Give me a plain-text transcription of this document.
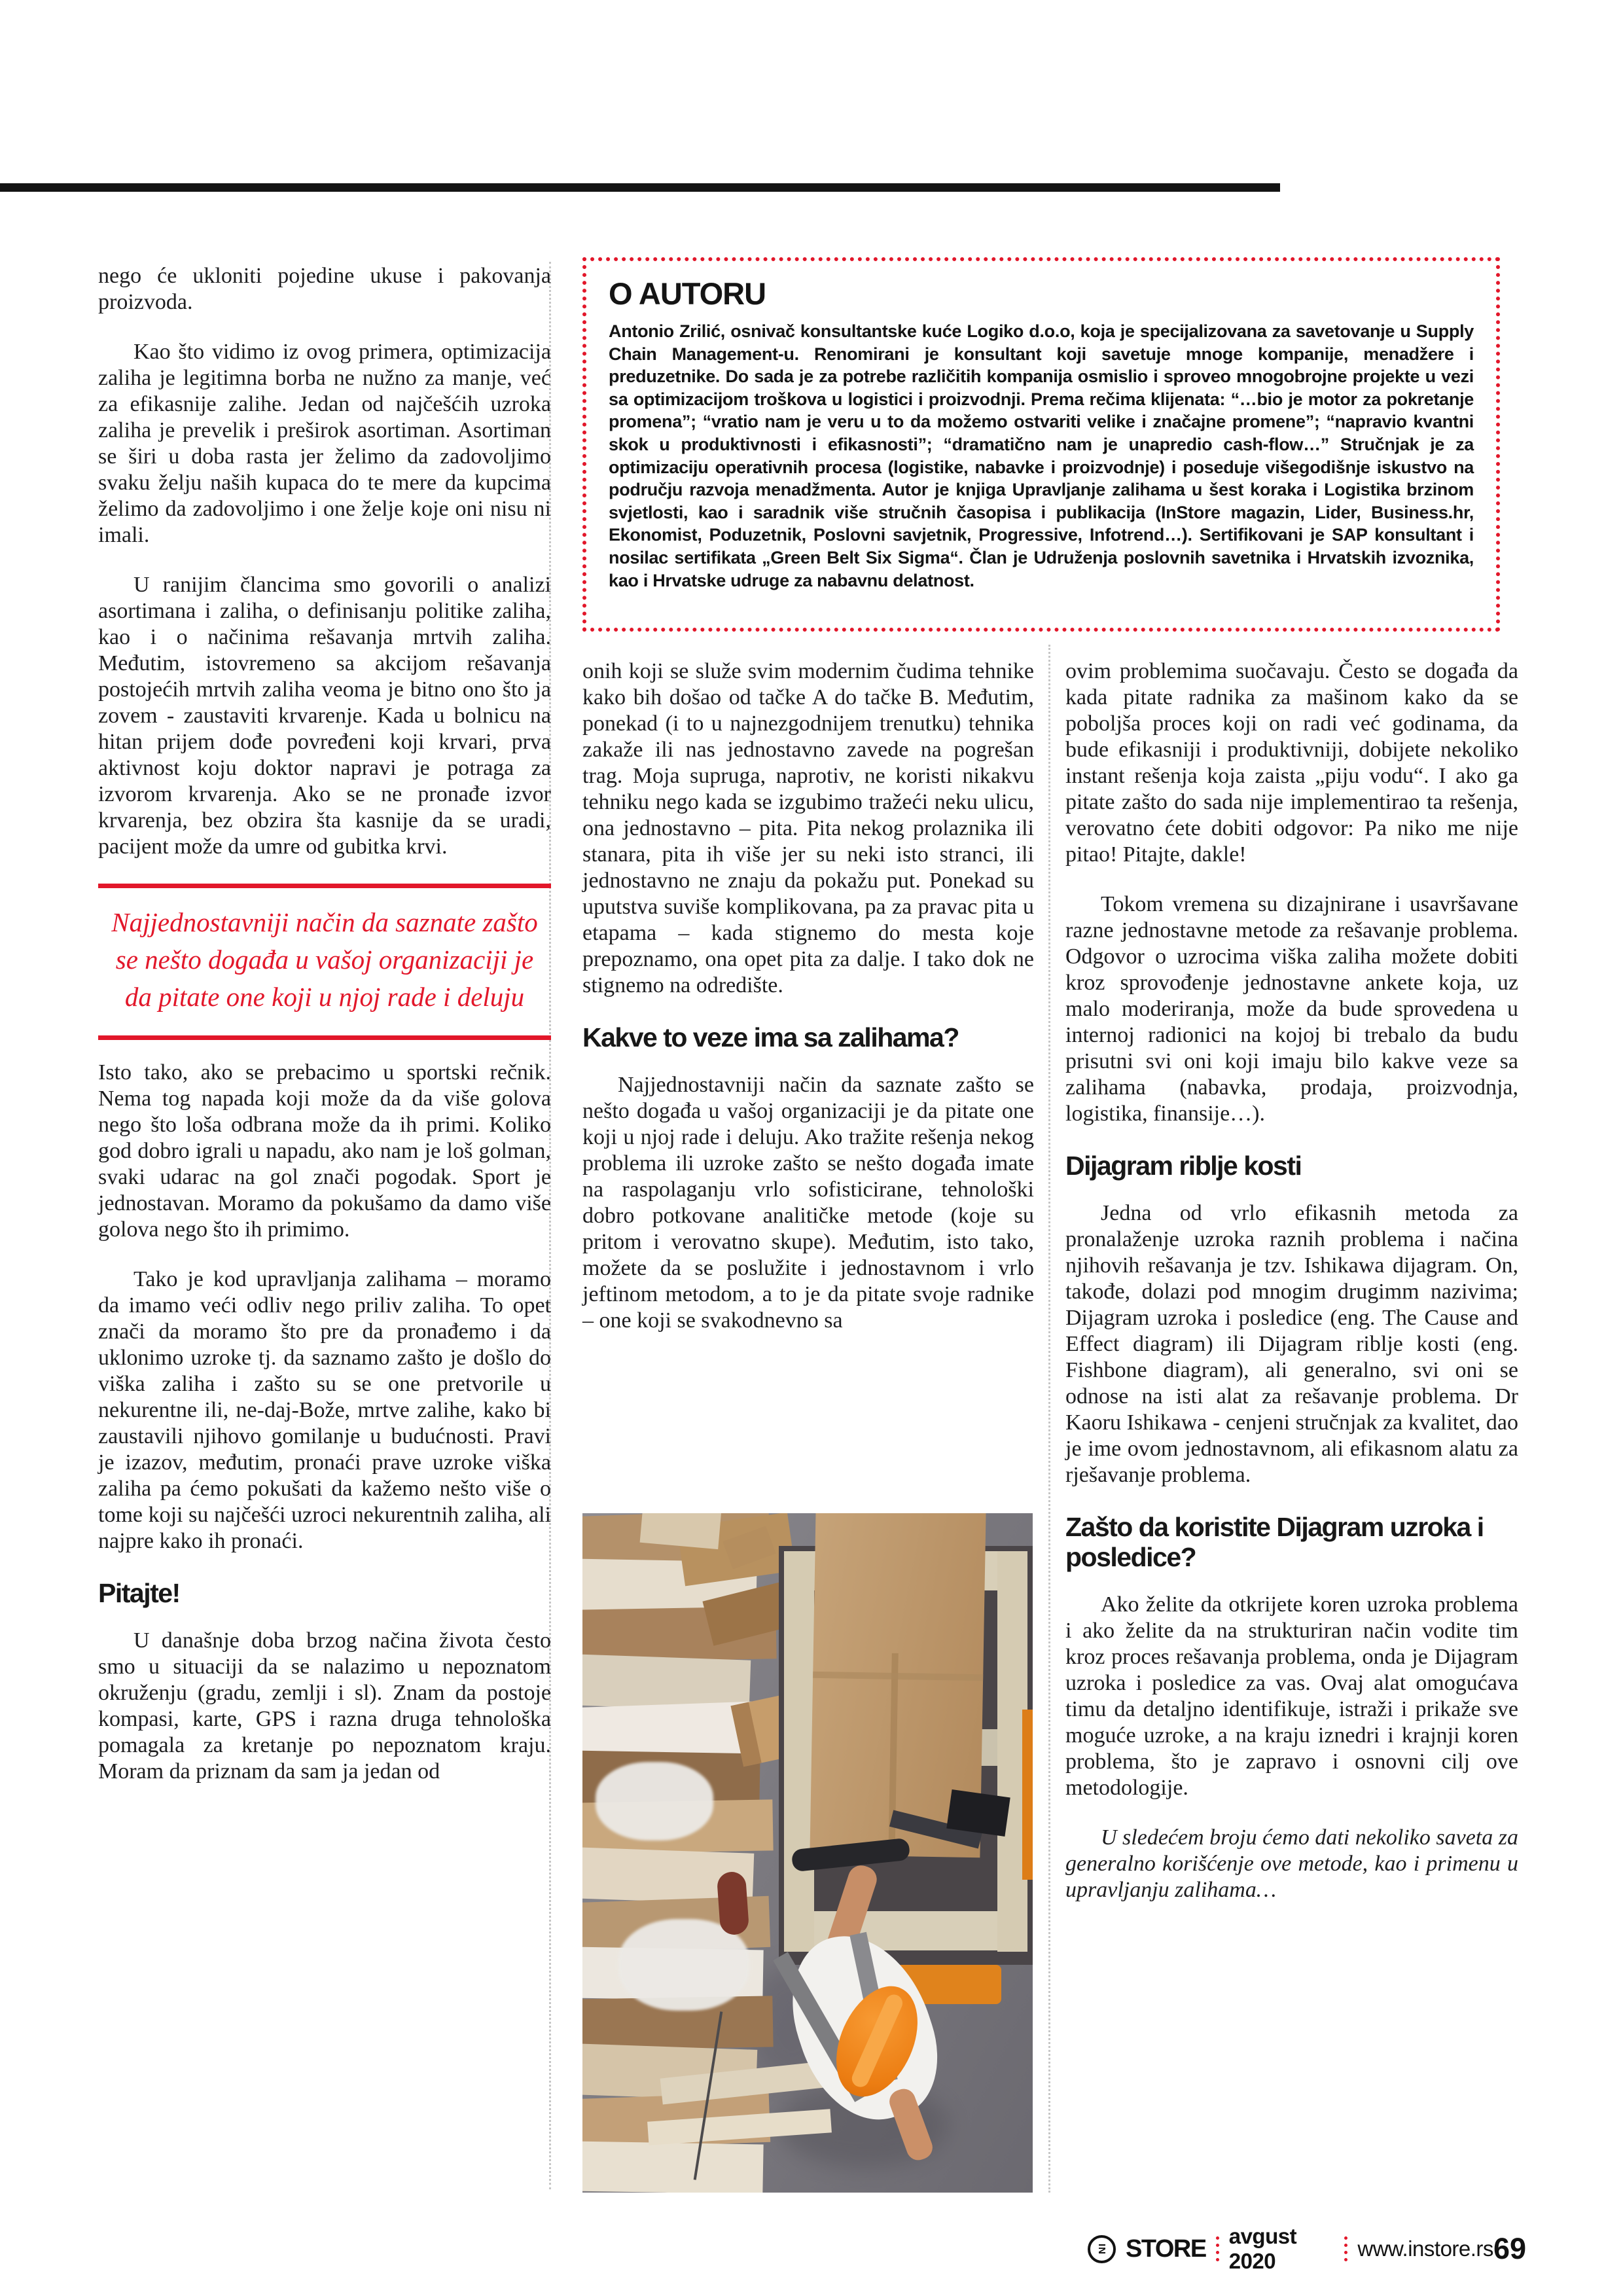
O AUTORU
Antonio Zrilić, osnivač konsultantske kuće Logiko d.o.o, koja je specijalizovana za savetovanje u Supply Chain Management-u. Renomirani je konsultant koji savetuje mnoge kompanije, menadžere i preduzetnike. Do sada je za potrebe različitih kompanija osmislio i sproveo mnogobrojne projekte u vezi sa optimizacijom troškova u logistici i proizvodnji. Prema rečima klijenata: “…bio je motor za pokretanje promena”; “vratio nam je veru u to da možemo ostvariti velike i značajne promene”; “napravio kvantni skok u produktivnosti i efikasnosti”; “dramatično nam je unapredio cash-flow…” Stručnjak je za optimizaciju operativnih procesa (logistike, nabavke i proizvodnje) i poseduje višegodišnje iskustvo na području razvoja menadžmenta. Autor je knjiga Upravljanje zalihama u šest koraka i Logistika brzinom svjetlosti, kao i saradnik više stručnih časopisa i publikacija (InStore magazin, Lider, Business.hr, Ekonomist, Poduzetnik, Poslovni savjetnik, Progressive, Infotrend…). Sertifikovani je SAP konsultant i nosilac sertifikata „Green Belt Six Sigma“. Član je Udruženja poslovnih savetnika i Hrvatskih izvoznika, kao i Hrvatske udruge za nabavnu delatnost.

nego će ukloniti pojedine ukuse i pakovanja proizvoda.

Kao što vidimo iz ovog primera, optimizacija zaliha je legitimna borba ne nužno za manje, već za efikasnije zalihe. Jedan od najčešćih uzroka zaliha je prevelik i preširok asortiman. Asortiman se širi u doba rasta jer želimo da zadovoljimo svaku želju naših kupaca do te mere da kupcima želimo da zadovoljimo i one želje koje oni nisu ni imali.

U ranijim člancima smo govorili o analizi asortimana i zaliha, o definisanju politike zaliha, kao i o načinima rešavanja mrtvih zaliha. Međutim, istovremeno sa akcijom rešavanja postojećih mrtvih zaliha veoma je bitno ono što ja zovem - zaustaviti krvarenje. Kada u bolnicu na hitan prijem dođe povređeni koji krvari, prva aktivnost koju doktor napravi je potraga za izvorom krvarenja. Ako se ne pronađe izvor krvarenja, bez obzira šta kasnije da se uradi, pacijent može da umre od gubitka krvi.

Najjednostavniji način da saznate zašto se nešto događa u vašoj organizaciji je da pitate one koji u njoj rade i deluju

Isto tako, ako se prebacimo u sportski rečnik. Nema tog napada koji može da da više golova nego što loša odbrana može da ih primi. Koliko god dobro igrali u napadu, ako nam je loš golman, svaki udarac na gol znači pogodak. Sport je jednostavan. Moramo da pokušamo da damo više golova nego što ih primimo.

Tako je kod upravljanja zalihama – moramo da imamo veći odliv nego priliv zaliha. To opet znači da moramo što pre da pronađemo i da uklonimo uzroke tj. da saznamo zašto je došlo do viška zaliha i zašto su se one pretvorile u nekurentne ili, ne-daj-Bože, mrtve zalihe, kako bi zaustavili njihovo gomilanje u budućnosti. Pravi je izazov, međutim, pronaći prave uzroke viška zaliha pa ćemo pokušati da kažemo nešto više o tome koji su najčešći uzroci nekurentnih zaliha, ali najpre kako ih pronaći.

Pitajte!

U današnje doba brzog načina života često smo u situaciji da se nalazimo u nepoznatom okruženju (gradu, zemlji i sl). Znam da postoje kompasi, karte, GPS i razna druga tehnološka pomagala za kretanje po nepoznatom kraju. Moram da priznam da sam ja jedan od

onih koji se služe svim modernim čudima tehnike kako bih došao od tačke A do tačke B. Međutim, ponekad (i to u najnezgodnijem trenutku) tehnika zakaže ili nas jednostavno zavede na pogrešan trag. Moja supruga, naprotiv, ne koristi nikakvu tehniku nego kada se izgubimo tražeći neku ulicu, ona jednostavno – pita. Pita nekog prolaznika ili stanara, pita ih više jer su neki isto stranci, ili jednostavno ne znaju da pokažu put. Ponekad su uputstva suviše komplikovana, pa za pravac pita u etapama – kada stignemo do mesta koje prepoznamo, ona opet pita za dalje. I tako dok ne stignemo na odredište.

Kakve to veze ima sa zalihama?

Najjednostavniji način da saznate zašto se nešto događa u vašoj organizaciji je da pitate one koji u njoj rade i deluju. Ako tražite rešenja nekog problema ili uzroke zašto se nešto događa imate na raspolaganju vrlo sofisticirane, tehnološki dobro potkovane analitičke metode (koje su pritom i verovatno skupe). Međutim, isto tako, možete da se poslužite i jednostavnom i vrlo jeftinom metodom, a to je da pitate svoje radnike – one koji se svakodnevno sa

ovim problemima suočavaju. Često se događa da kada pitate radnika za mašinom kako da se poboljša proces koji on radi već godinama, da bude efikasniji i produktivniji, dobijete nekoliko instant rešenja koja zaista „piju vodu“. I ako ga pitate zašto do sada nije implementirao ta rešenja, verovatno ćete dobiti odgovor: Pa niko me nije pitao! Pitajte, dakle!

Tokom vremena su dizajnirane i usavršavane razne jednostavne metode za rešavanje problema. Odgovor o uzrocima viška zaliha možete dobiti kroz sprovođenje jednostavne ankete koja, uz malo moderiranja, može da bude sprovedena u internoj radionici na kojoj bi trebalo da budu prisutni svi oni koji imaju bilo kakve veze sa zalihama (nabavka, prodaja, proizvodnja, logistika, finansije…).

Dijagram riblje kosti

Jedna od vrlo efikasnih metoda za pronalaženje uzroka raznih problema i načina njihovih rešavanja je tzv. Ishikawa dijagram. On, takođe, dolazi pod mnogim drugimm nazivima; Dijagram uzroka i posledice (eng. The Cause and Effect diagram) ili Dijagram riblje kosti (eng. Fishbone diagram), ali generalno, svi oni se odnose na isti alat za rešavanje problema. Dr Kaoru Ishikawa - cenjeni stručnjak za kvalitet, dao je ime ovom jednostavnom, ali efikasnom alatu za rješavanje problema.

Zašto da koristite Dijagram uzroka i posledice?

Ako želite da otkrijete koren uzroka problema i ako želite da na strukturiran način vodite tim kroz proces rešavanja problema, onda je Dijagram uzroka i posledice za vas. Ovaj alat omogućava timu da detaljno identifikuje, istraži i prikaže sve moguće uzroke, a na kraju iznedri i krajnji koren problema, što je zapravo i osnovni cilj ove metodologije.

U sledećem broju ćemo dati nekoliko saveta za generalno korišćenje ove metode, kao i primenu u upravljanju zalihama…

IN STORE avgust 2020
www.instore.rs 69
